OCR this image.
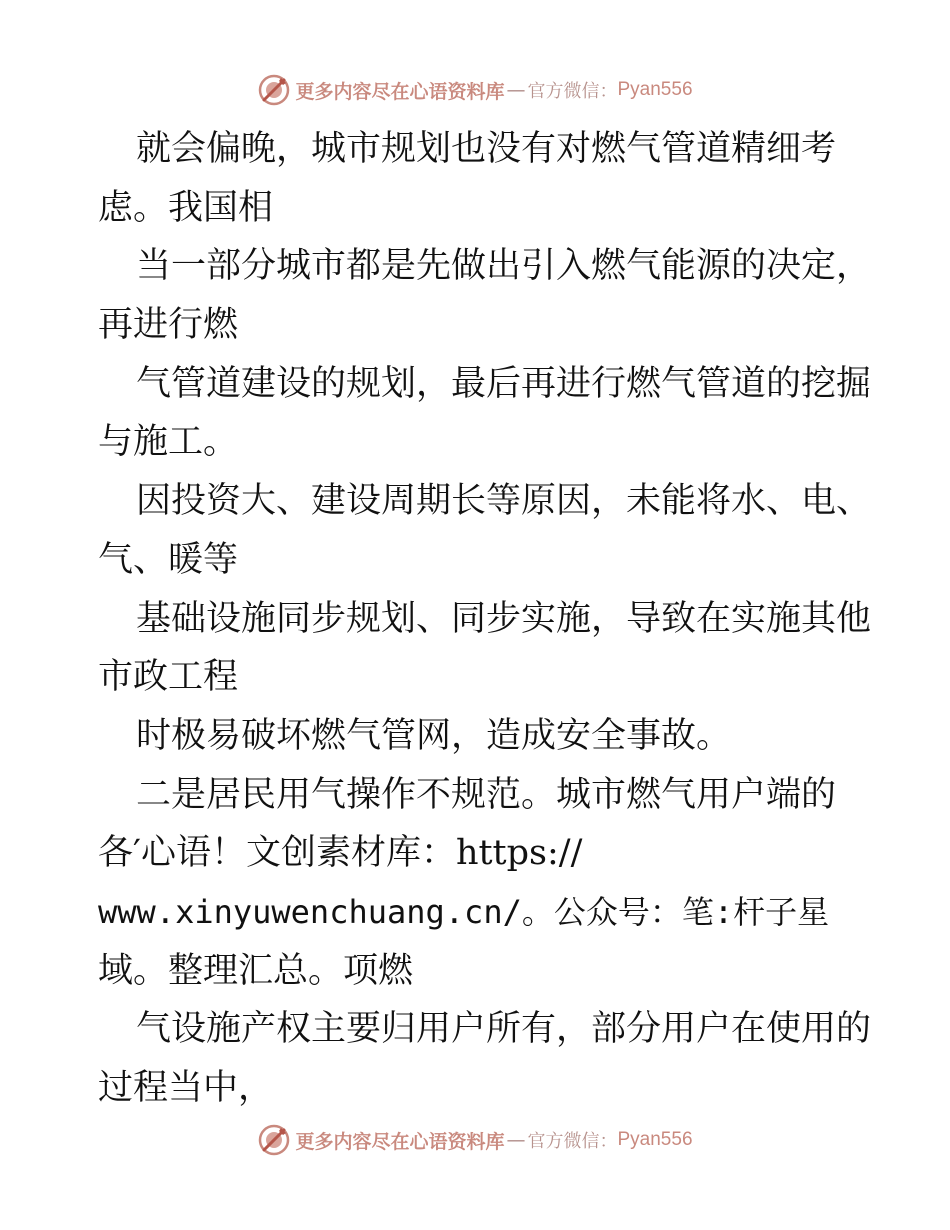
更多内容尽在心语资料库 — 官方微信： Pyan556
就会偏晚，城市规划也没有对燃气管道精细考
虑。我国相
当一部分城市都是先做出引入燃气能源的决定，
再进行燃
气管道建设的规划，最后再进行燃气管道的挖掘
与施工。
因投资大、建设周期长等原因，未能将水、电、
气、暖等
基础设施同步规划、同步实施，导致在实施其他
市政工程
时极易破坏燃气管网，造成安全事故。
二是居民用气操作不规范。城市燃气用户端的
各′心语！文创素材库：https://
www.xinyuwenchuang.cn/。公众号：笔:杆子星
域。整理汇总。项燃
气设施产权主要归用户所有，部分用户在使用的
过程当中，
更多内容尽在心语资料库 — 官方微信： Pyan556
